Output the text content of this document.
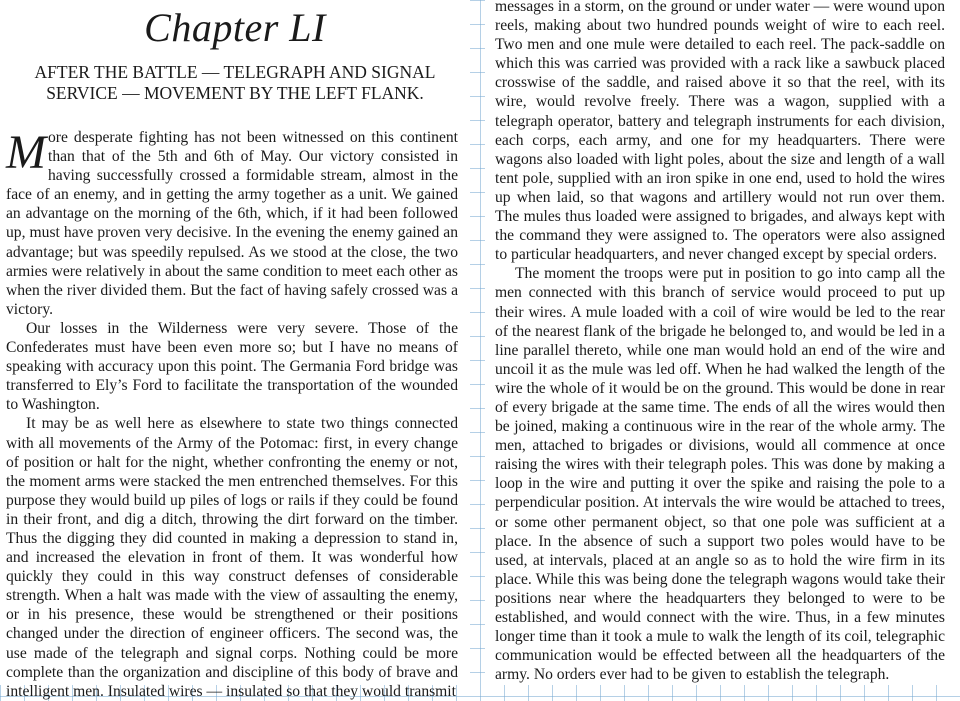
Chapter LI
AFTER THE BATTLE — TELEGRAPH AND SIGNAL
SERVICE — MOVEMENT BY THE LEFT FLANK.

More desperate fighting has not been witnessed on this continent than that of the 5th and 6th of May. Our victory consisted in having successfully crossed a formidable stream, almost in the face of an enemy, and in getting the army together as a unit. We gained an advantage on the morning of the 6th, which, if it had been followed up, must have proven very decisive. In the evening the enemy gained an advantage; but was speedily repulsed. As we stood at the close, the two armies were relatively in about the same condition to meet each other as when the river divided them. But the fact of having safely crossed was a victory.

Our losses in the Wilderness were very severe. Those of the Confederates must have been even more so; but I have no means of speaking with accuracy upon this point. The Germania Ford bridge was transferred to Ely’s Ford to facilitate the transportation of the wounded to Washington.

It may be as well here as elsewhere to state two things connected with all movements of the Army of the Potomac: first, in every change of position or halt for the night, whether confronting the enemy or not, the moment arms were stacked the men entrenched themselves. For this purpose they would build up piles of logs or rails if they could be found in their front, and dig a ditch, throwing the dirt forward on the timber. Thus the digging they did counted in making a depression to stand in, and increased the elevation in front of them. It was wonderful how quickly they could in this way construct defenses of considerable strength. When a halt was made with the view of assaulting the enemy, or in his presence, these would be strengthened or their positions changed under the direction of engineer officers. The second was, the use made of the telegraph and signal corps. Nothing could be more complete than the organization and discipline of this body of brave and intelligent men. Insulated wires — insulated so that they would transmit

messages in a storm, on the ground or under water — were wound upon reels, making about two hundred pounds weight of wire to each reel. Two men and one mule were detailed to each reel. The pack-saddle on which this was carried was provided with a rack like a sawbuck placed crosswise of the saddle, and raised above it so that the reel, with its wire, would revolve freely. There was a wagon, supplied with a telegraph operator, battery and telegraph instruments for each division, each corps, each army, and one for my headquarters. There were wagons also loaded with light poles, about the size and length of a wall tent pole, supplied with an iron spike in one end, used to hold the wires up when laid, so that wagons and artillery would not run over them. The mules thus loaded were assigned to brigades, and always kept with the command they were assigned to. The operators were also assigned to particular headquarters, and never changed except by special orders.

The moment the troops were put in position to go into camp all the men connected with this branch of service would proceed to put up their wires. A mule loaded with a coil of wire would be led to the rear of the nearest flank of the brigade he belonged to, and would be led in a line parallel thereto, while one man would hold an end of the wire and uncoil it as the mule was led off. When he had walked the length of the wire the whole of it would be on the ground. This would be done in rear of every brigade at the same time. The ends of all the wires would then be joined, making a continuous wire in the rear of the whole army. The men, attached to brigades or divisions, would all commence at once raising the wires with their telegraph poles. This was done by making a loop in the wire and putting it over the spike and raising the pole to a perpendicular position. At intervals the wire would be attached to trees, or some other permanent object, so that one pole was sufficient at a place. In the absence of such a support two poles would have to be used, at intervals, placed at an angle so as to hold the wire firm in its place. While this was being done the telegraph wagons would take their positions near where the headquarters they belonged to were to be established, and would connect with the wire. Thus, in a few minutes longer time than it took a mule to walk the length of its coil, telegraphic communication would be effected between all the headquarters of the army. No orders ever had to be given to establish the telegraph.
